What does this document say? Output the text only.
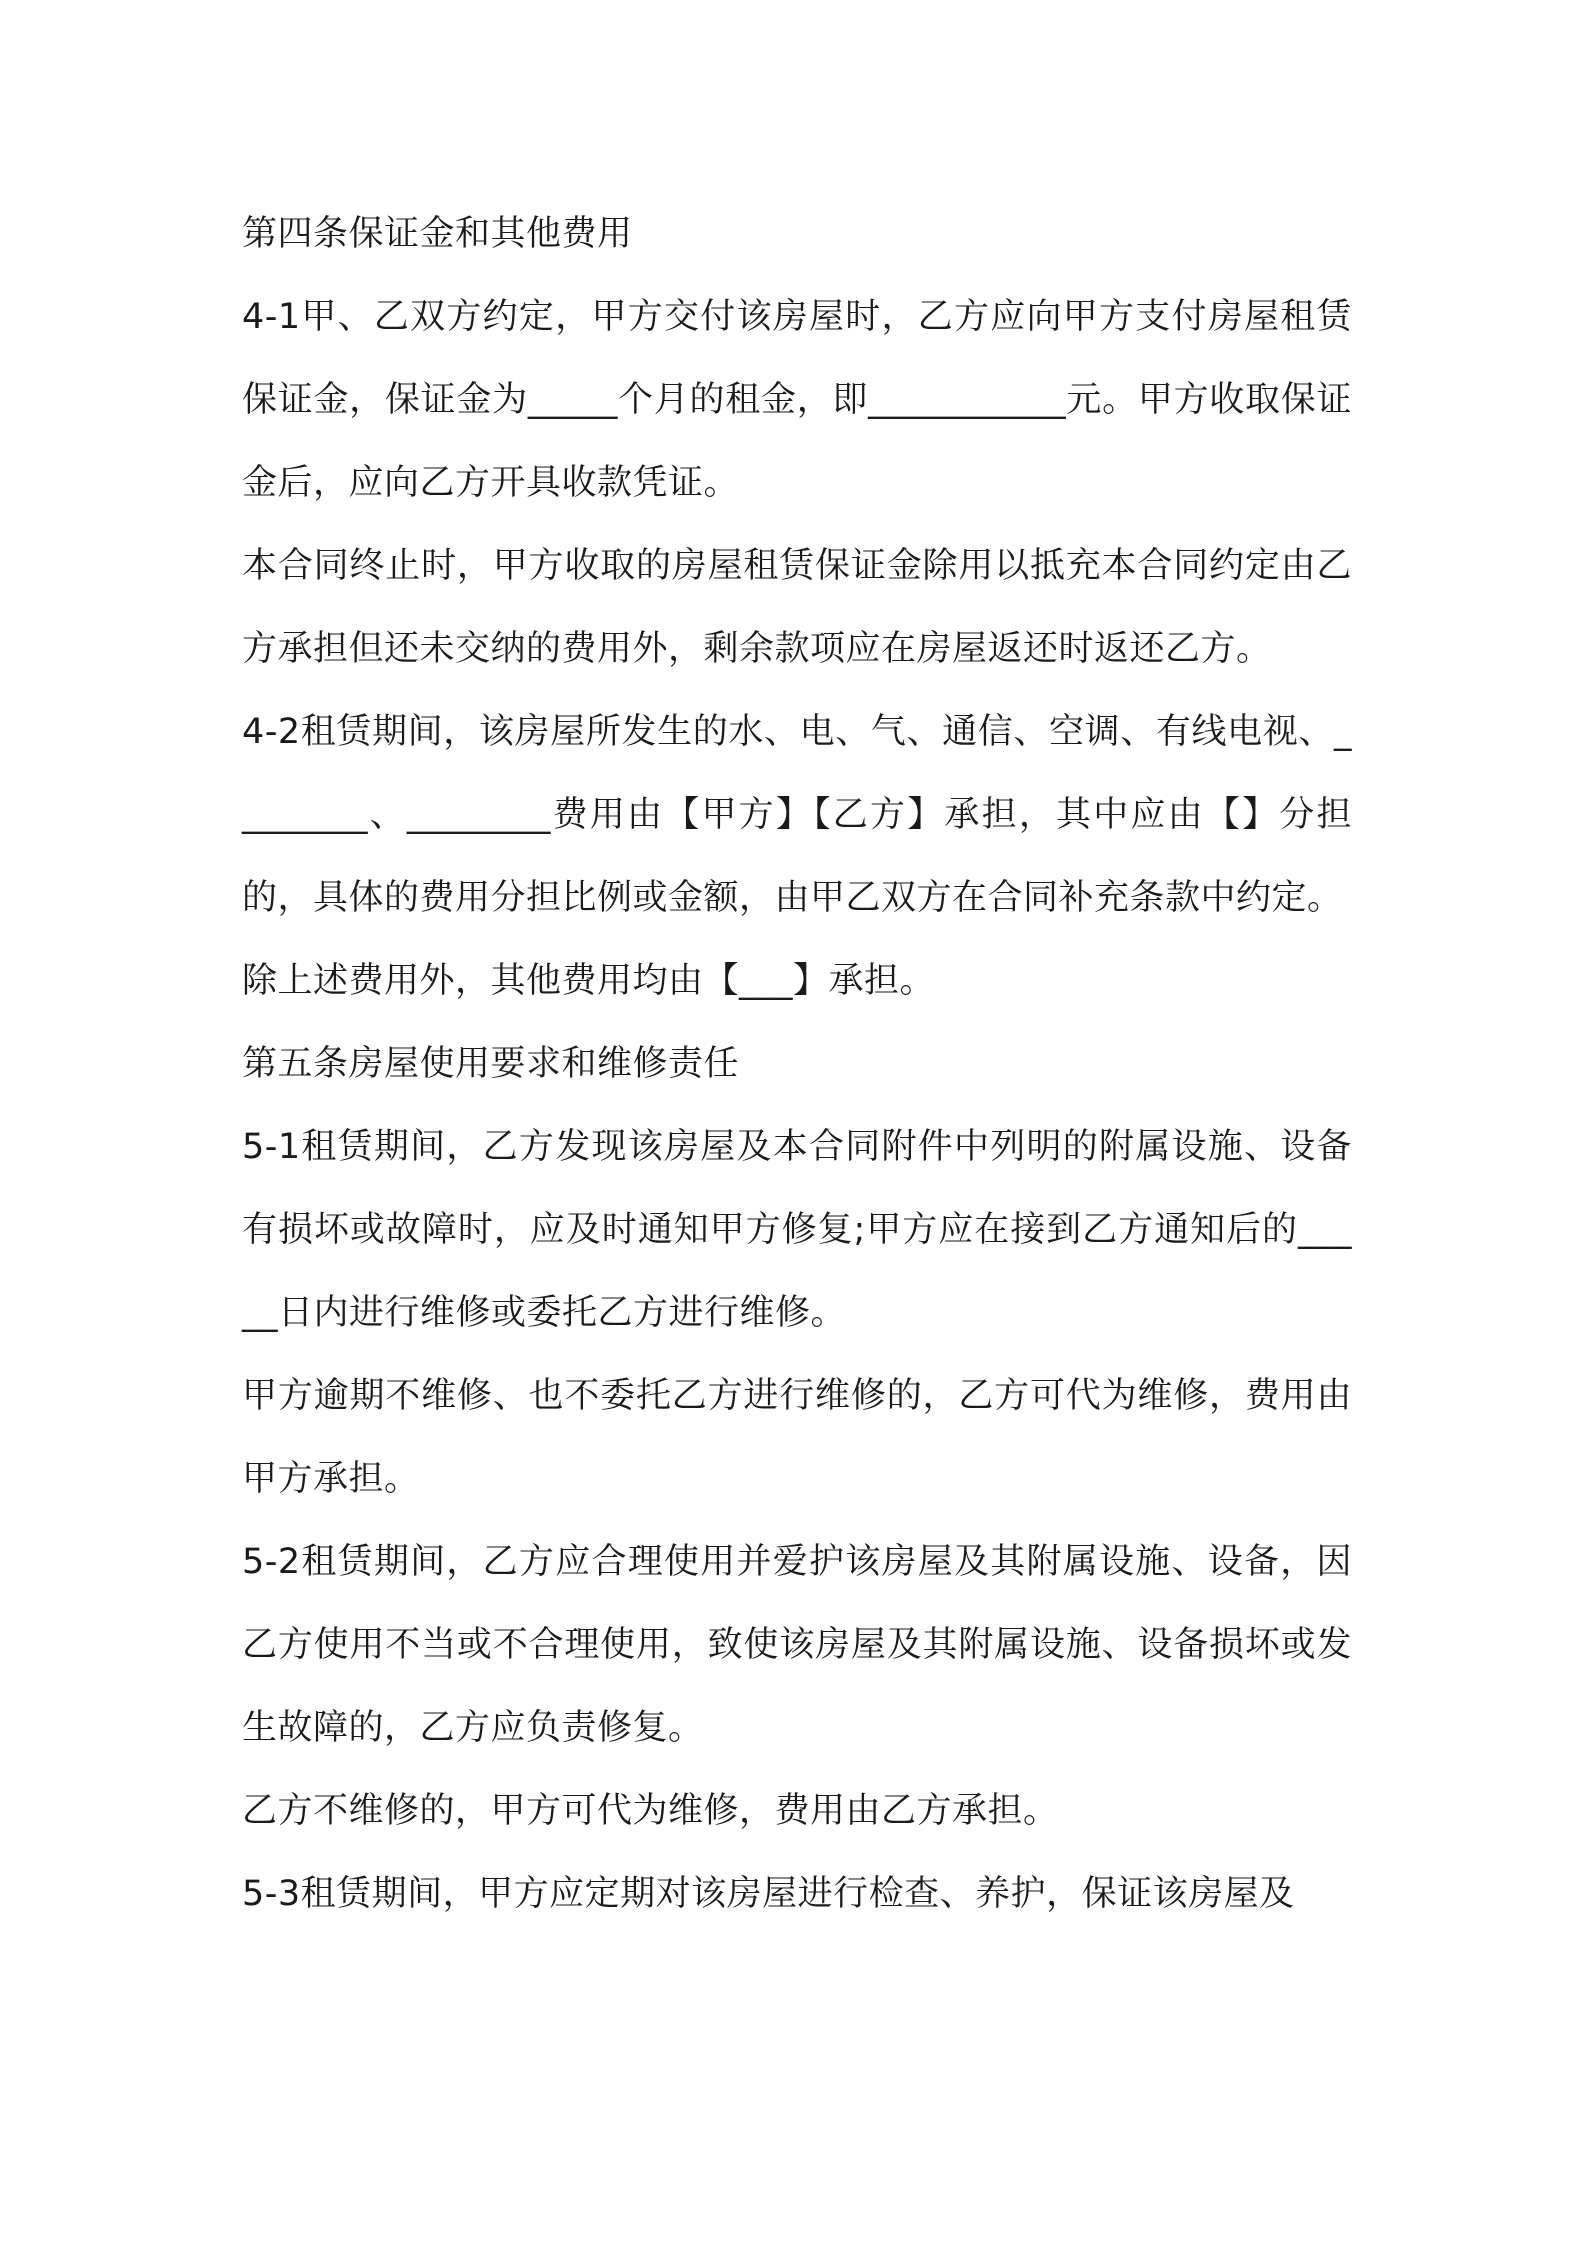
第四条保证金和其他费用

4-1甲、乙双方约定，甲方交付该房屋时，乙方应向甲方支付房屋租赁保证金，保证金为_____个月的租金，即___________元。甲方收取保证金后，应向乙方开具收款凭证。

本合同终止时，甲方收取的房屋租赁保证金除用以抵充本合同约定由乙方承担但还未交纳的费用外，剩余款项应在房屋返还时返还乙方。

4-2租赁期间，该房屋所发生的水、电、气、通信、空调、有线电视、________、________费用由【甲方】【乙方】承担，其中应由【】分担的，具体的费用分担比例或金额，由甲乙双方在合同补充条款中约定。

除上述费用外，其他费用均由【___】承担。

第五条房屋使用要求和维修责任

5-1租赁期间，乙方发现该房屋及本合同附件中列明的附属设施、设备有损坏或故障时，应及时通知甲方修复;甲方应在接到乙方通知后的_____日内进行维修或委托乙方进行维修。

甲方逾期不维修、也不委托乙方进行维修的，乙方可代为维修，费用由甲方承担。

5-2租赁期间，乙方应合理使用并爱护该房屋及其附属设施、设备，因乙方使用不当或不合理使用，致使该房屋及其附属设施、设备损坏或发生故障的，乙方应负责修复。

乙方不维修的，甲方可代为维修，费用由乙方承担。

5-3租赁期间，甲方应定期对该房屋进行检查、养护，保证该房屋及
